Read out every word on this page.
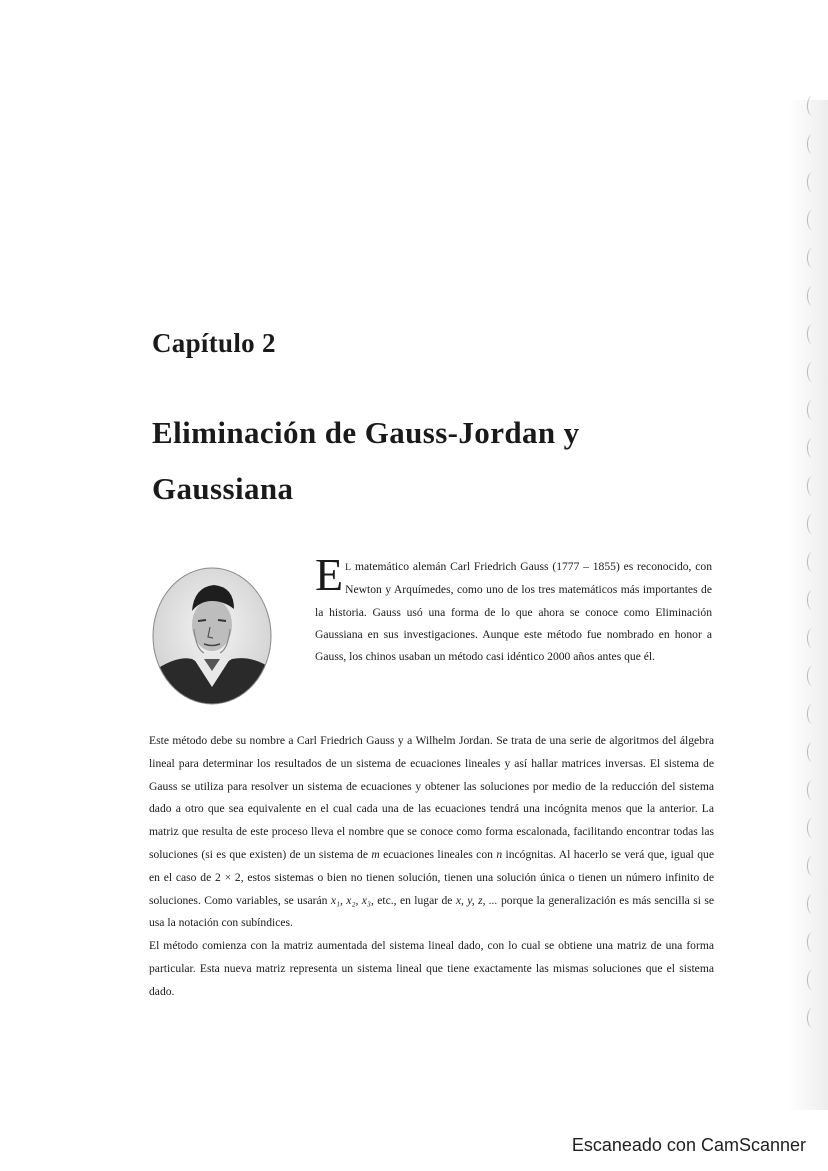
Capítulo 2
Eliminación de Gauss-Jordan y Gaussiana
E L matemático alemán Carl Friedrich Gauss (1777 – 1855) es reconocido, con Newton y Arquímedes, como uno de los tres matemáticos más importantes de la historia. Gauss usó una forma de lo que ahora se conoce como Eliminación Gaussiana en sus investigaciones. Aunque este método fue nombrado en honor a Gauss, los chinos usaban un método casi idéntico 2000 años antes que él.

Este método debe su nombre a Carl Friedrich Gauss y a Wilhelm Jordan. Se trata de una serie de algoritmos del álgebra lineal para determinar los resultados de un sistema de ecuaciones lineales y así hallar matrices inversas. El sistema de Gauss se utiliza para resolver un sistema de ecuaciones y obtener las soluciones por medio de la reducción del sistema dado a otro que sea equivalente en el cual cada una de las ecuaciones tendrá una incógnita menos que la anterior. La matriz que resulta de este proceso lleva el nombre que se conoce como forma escalonada, facilitando encontrar todas las soluciones (si es que existen) de un sistema de m ecuaciones lineales con n incógnitas. Al hacerlo se verá que, igual que en el caso de 2 × 2, estos sistemas o bien no tienen solución, tienen una solución única o tienen un número infinito de soluciones. Como variables, se usarán x₁, x₂, x₃, etc., en lugar de x, y, z, ... porque la generalización es más sencilla si se usa la notación con subíndices.

El método comienza con la matriz aumentada del sistema lineal dado, con lo cual se obtiene una matriz de una forma particular. Esta nueva matriz representa un sistema lineal que tiene exactamente las mismas soluciones que el sistema dado.

Escaneado con CamScanner
